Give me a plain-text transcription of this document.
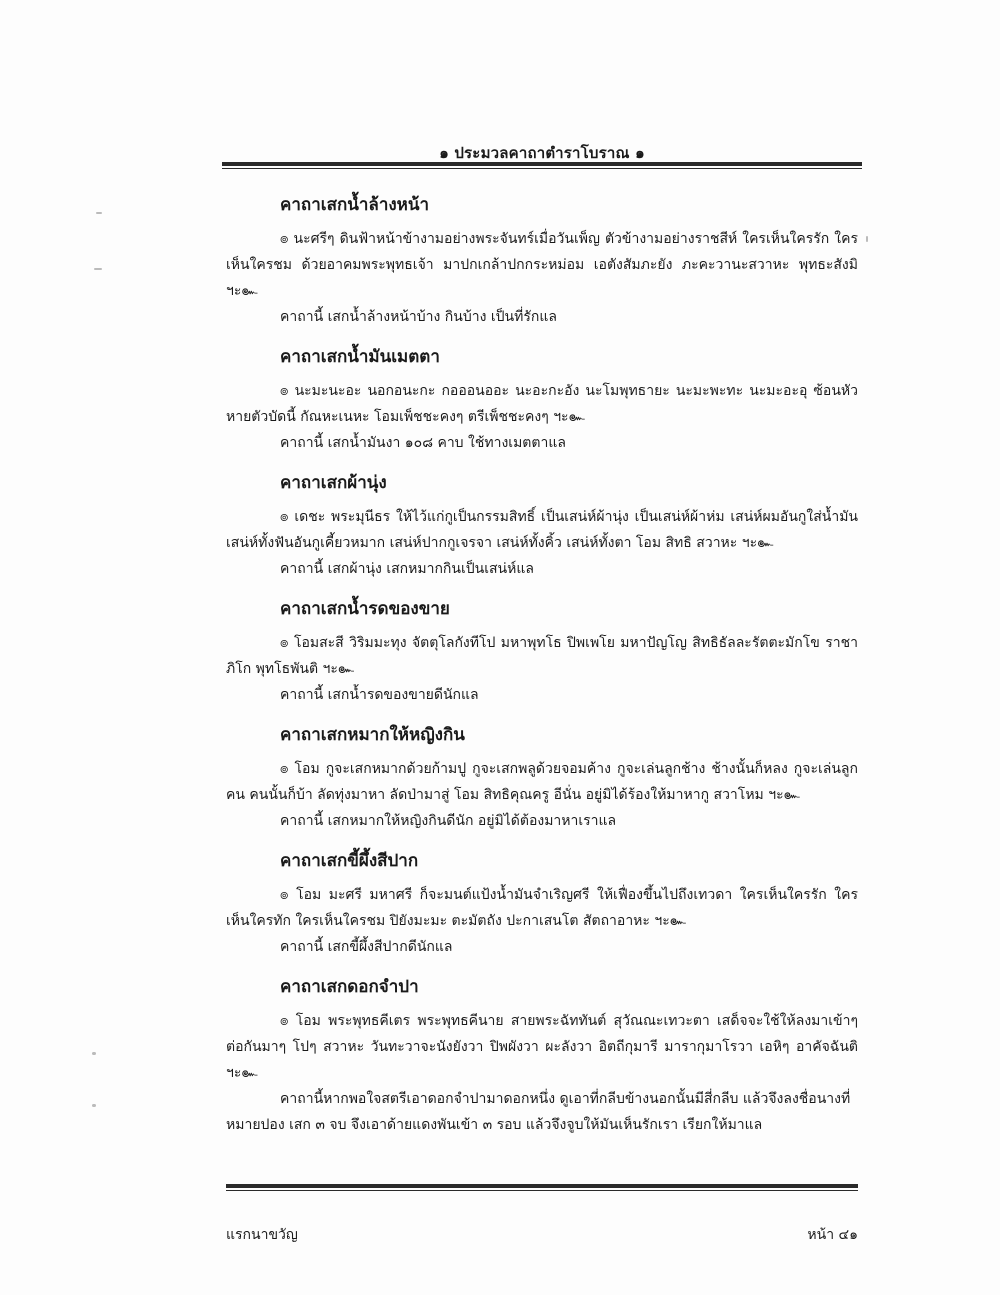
๑ ประมวลคาถาตำราโบราณ ๑
คาถาเสกน้ำล้างหน้า

๏ นะศรีๆ ดินฟ้าหน้าข้างามอย่างพระจันทร์เมื่อวันเพ็ญ ตัวข้างามอย่างราชสีห์ ใครเห็นใครรัก ใครเห็นใครชม ด้วยอาคมพระพุทธเจ้า มาปกเกล้าปกกระหม่อม เอตังสัมภะยัง ภะคะวานะสวาหะ พุทธะสังมิ ฯะ๛

คาถานี้ เสกน้ำล้างหน้าบ้าง กินบ้าง เป็นที่รักแล

คาถาเสกน้ำมันเมตตา

๏ นะมะนะอะ นอกอนะกะ กอออนออะ นะอะกะอัง นะโมพุทธายะ นะมะพะทะ นะมะอะอุ ซ้อนหัวหายตัวบัดนี้ กัณหะเนหะ โอมเพ็ชชะคงๆ ตรีเพ็ชชะคงๆ ฯะ๛

คาถานี้ เสกน้ำมันงา ๑๐๘ คาบ ใช้ทางเมตตาแล

คาถาเสกผ้านุ่ง

๏ เดชะ พระมุนีธร ให้ไว้แก่กูเป็นกรรมสิทธิ์ เป็นเสน่ห์ผ้านุ่ง เป็นเสน่ห์ผ้าห่ม เสน่ห์ผมอันกูใส่น้ำมัน เสน่ห์ทั้งฟันอันกูเคี้ยวหมาก เสน่ห์ปากกูเจรจา เสน่ห์ทั้งคิ้ว เสน่ห์ทั้งตา โอม สิทธิ สวาหะ ฯะ๛

คาถานี้ เสกผ้านุ่ง เสกหมากกินเป็นเสน่ห์แล

คาถาเสกน้ำรดของขาย

๏ โอมสะสี วิริมมะทุง จัตตุโลกังทีโป มหาพุทโธ ปิพเพโย มหาปัญโญ สิทธิธัลละรัตตะมักโข ราชาภิโก พุทโธพันติ ฯะ๛

คาถานี้ เสกน้ำรดของขายดีนักแล

คาถาเสกหมากให้หญิงกิน

๏ โอม กูจะเสกหมากด้วยก้ามปู กูจะเสกพลูด้วยจอมค้าง กูจะเล่นลูกช้าง ช้างนั้นก็หลง กูจะเล่นลูกคน คนนั้นก็บ้า ลัดทุ่งมาหา ลัดป่ามาสู่ โอม สิทธิคุณครู อีนั่น อยู่มิได้ร้องให้มาหากู สวาโหม ฯะ๛

คาถานี้ เสกหมากให้หญิงกินดีนัก อยู่มิได้ต้องมาหาเราแล

คาถาเสกขี้ผึ้งสีปาก

๏ โอม มะศรี มหาศรี ก็จะมนต์แป้งน้ำมันจำเริญศรี ให้เฟื่องขึ้นไปถึงเทวดา ใครเห็นใครรัก ใครเห็นใครทัก ใครเห็นใครชม ปิยังมะมะ ตะมัตถัง ปะกาเสนโต สัตถาอาหะ ฯะ๛

คาถานี้ เสกขี้ผึ้งสีปากดีนักแล

คาถาเสกดอกจำปา

๏ โอม พระพุทธคีเตร พระพุทธคีนาย สายพระฉัททันต์ สุวัณณะเทวะตา เสด็จจะใช้ให้ลงมาเข้าๆ ต่อกันมาๆ โปๆ สวาหะ วันทะวาจะนังยังวา ปิพผังวา ผะลังวา อิตถีกุมารี มารากุมาโรวา เอหิๆ อาคัจฉันติ ฯะ๛

คาถานี้หากพอใจสตรีเอาดอกจำปามาดอกหนึ่ง ดูเอาที่กลีบข้างนอกนั้นมีสี่กลีบ แล้วจึงลงชื่อนางที่หมายปอง เสก ๓ จบ จึงเอาด้ายแดงพันเข้า ๓ รอบ แล้วจึงจูบให้มันเห็นรักเรา เรียกให้มาแล

แรกนาขวัญ	หน้า ๔๑
